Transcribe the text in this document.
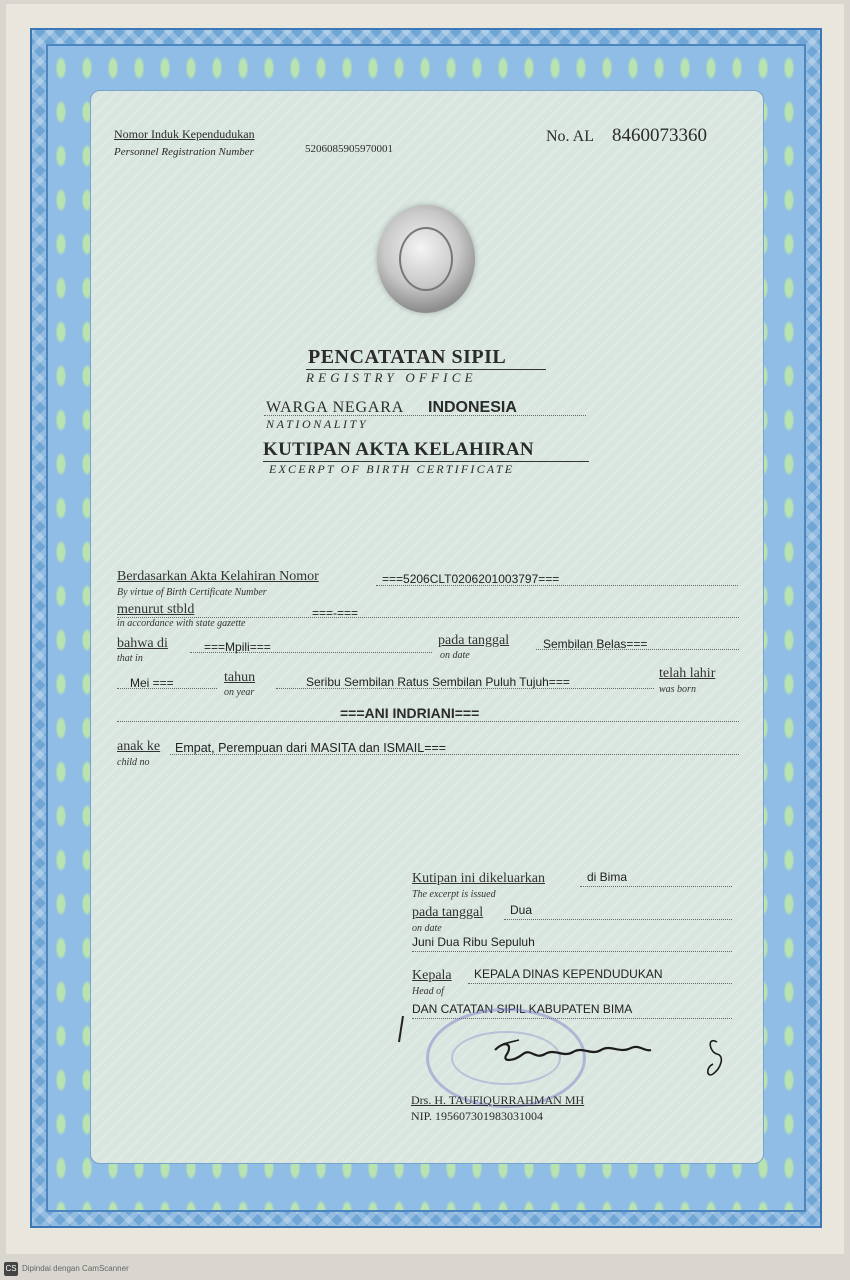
Nomor Induk Kependudukan
Personnel Registration Number	5206085905970001
No. AL 8460073360
PENCATATAN SIPIL
REGISTRY OFFICE
WARGA NEGARA INDONESIA
NATIONALITY
KUTIPAN AKTA KELAHIRAN
EXCERPT OF BIRTH CERTIFICATE
Berdasarkan Akta Kelahiran Nomor	===5206CLT0206201003797===
By virtue of Birth Certificate Number
menurut stbld	===-===
in accordance with state gazette
bahwa di	===Mpili===
that in
pada tanggal	Sembilan Belas===
on date
Mei ===	tahun
on year
Seribu Sembilan Ratus Sembilan Puluh Tujuh===
telah lahir
was born
===ANI INDRIANI===
anak ke
child no
Empat, Perempuan dari MASITA dan ISMAIL===
Kutipan ini dikeluarkan	di Bima
The excerpt is issued
pada tanggal Dua
on date
Juni Dua Ribu Sepuluh
Kepala KEPALA DINAS KEPENDUDUKAN
Head of
DAN CATATAN SIPIL KABUPATEN BIMA
Drs. H. TAUFIQURRAHMAN MH
NIP. 195607301983031004
CS Dipindai dengan CamScanner
